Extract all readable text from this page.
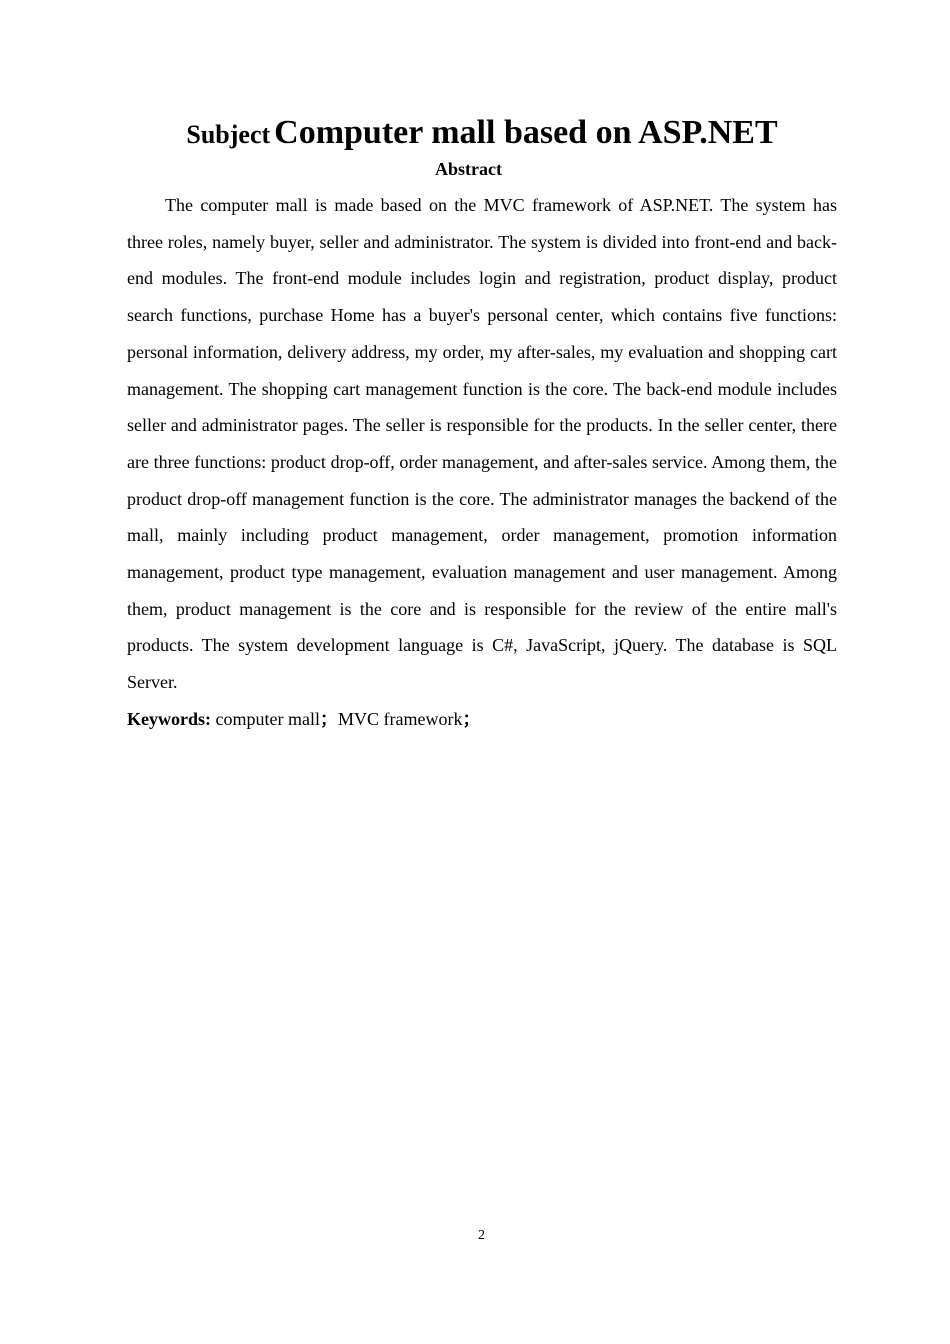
Subject Computer mall based on ASP.NET
Abstract

The computer mall is made based on the MVC framework of ASP.NET. The system has three roles, namely buyer, seller and administrator. The system is divided into front-end and back-end modules. The front-end module includes login and registration, product display, product search functions, purchase Home has a buyer's personal center, which contains five functions: personal information, delivery address, my order, my after-sales, my evaluation and shopping cart management. The shopping cart management function is the core. The back-end module includes seller and administrator pages. The seller is responsible for the products. In the seller center, there are three functions: product drop-off, order management, and after-sales service. Among them, the product drop-off management function is the core. The administrator manages the backend of the mall, mainly including product management, order management, promotion information management, product type management, evaluation management and user management. Among them, product management is the core and is responsible for the review of the entire mall's products. The system development language is C#, JavaScript, jQuery. The database is SQL Server.

Keywords: computer mall；MVC framework；

2
